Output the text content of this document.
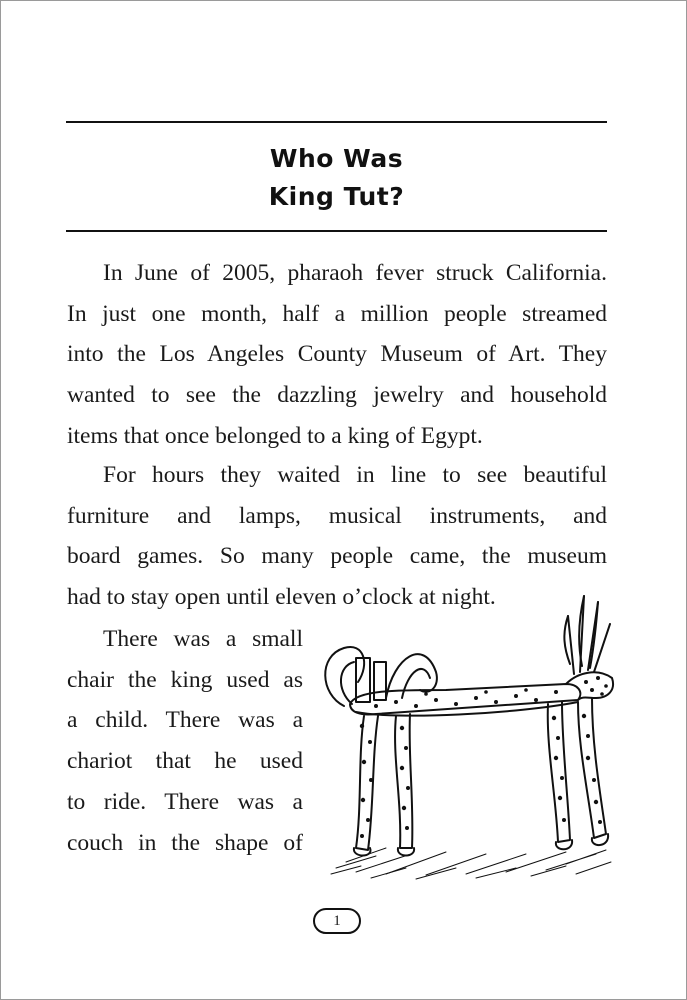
Who Was
King Tut?
In June of 2005, pharaoh fever struck California.
In just one month, half a million people streamed
into the Los Angeles County Museum of Art. They
wanted to see the dazzling jewelry and household
items that once belonged to a king of Egypt.
For hours they waited in line to see beautiful
furniture and lamps, musical instruments, and
board games. So many people came, the museum
had to stay open until eleven o’clock at night.
There was a small
chair the king used as
a child. There was a
chariot that he used
to ride. There was a
couch in the shape of
1
